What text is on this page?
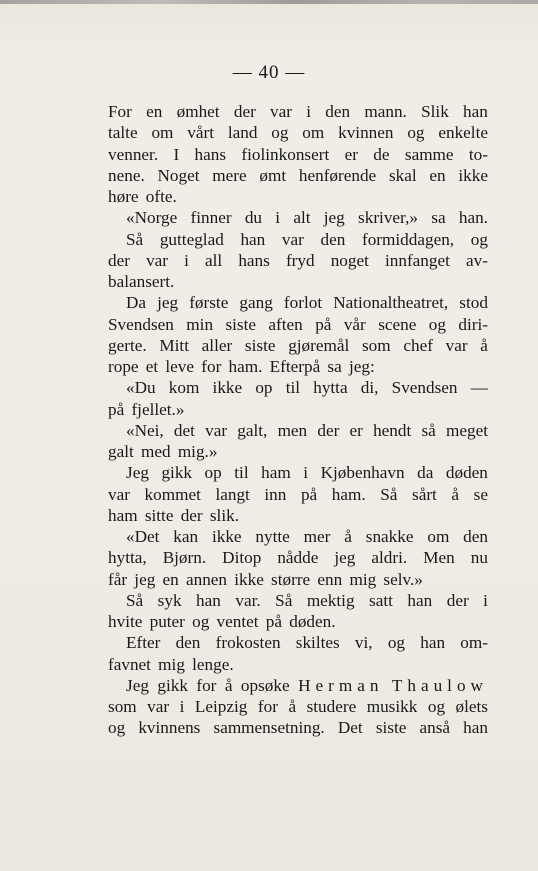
— 40 —
For en ømhet der var i den mann. Slik han
talte om vårt land og om kvinnen og enkelte
venner. I hans fiolinkonsert er de samme to-
nene. Noget mere ømt henførende skal en ikke
høre ofte.
«Norge finner du i alt jeg skriver,» sa han.
Så gutteglad han var den formiddagen, og
der var i all hans fryd noget innfanget av-
balansert.
Da jeg første gang forlot Nationaltheatret, stod
Svendsen min siste aften på vår scene og diri-
gerte. Mitt aller siste gjøremål som chef var å
rope et leve for ham. Efterpå sa jeg:
«Du kom ikke op til hytta di, Svendsen —
på fjellet.»
«Nei, det var galt, men der er hendt så meget
galt med mig.»
Jeg gikk op til ham i Kjøbenhavn da døden
var kommet langt inn på ham. Så sårt å se
ham sitte der slik.
«Det kan ikke nytte mer å snakke om den
hytta, Bjørn. Ditop nådde jeg aldri. Men nu
får jeg en annen ikke større enn mig selv.»
Så syk han var. Så mektig satt han der i
hvite puter og ventet på døden.
Efter den frokosten skiltes vi, og han om-
favnet mig lenge.
Jeg gikk for å opsøke Herman Thaulow
som var i Leipzig for å studere musikk og ølets
og kvinnens sammensetning. Det siste anså han
